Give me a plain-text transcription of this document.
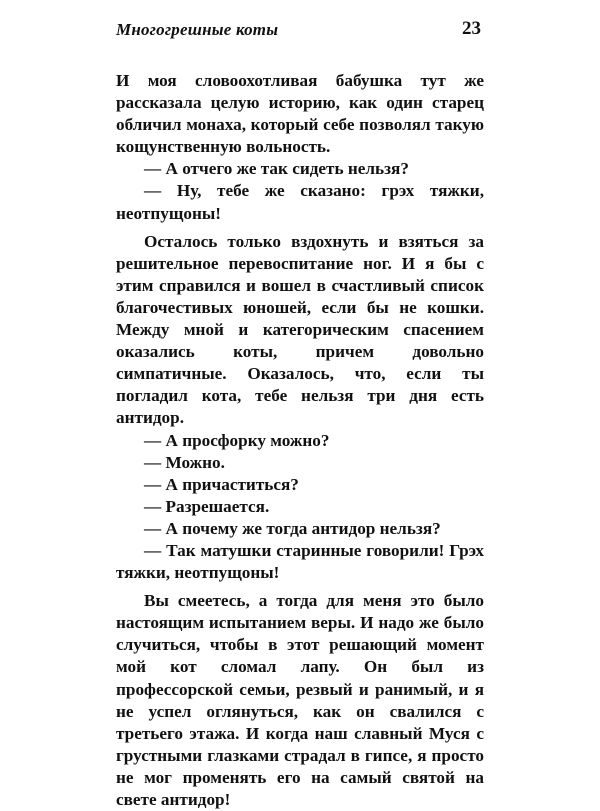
Многогрешные коты	23

И моя словоохотливая бабушка тут же рассказала целую историю, как один старец обличил монаха, который себе позволял такую кощунственную вольность.

— А отчего же так сидеть нельзя?

— Ну, тебе же сказано: грэх тяжки, неотпущоны!

Осталось только вздохнуть и взяться за решительное перевоспитание ног. И я бы с этим справился и вошел в счастливый список благочестивых юношей, если бы не кошки. Между мной и категорическим спасением оказались коты, причем довольно симпатичные. Оказалось, что, если ты погладил кота, тебе нельзя три дня есть антидор.

— А просфорку можно?

— Можно.

— А причаститься?

— Разрешается.

— А почему же тогда антидор нельзя?

— Так матушки старинные говорили! Грэх тяжки, неотпущоны!

Вы смеетесь, а тогда для меня это было настоящим испытанием веры. И надо же было случиться, чтобы в этот решающий момент мой кот сломал лапу. Он был из профессорской семьи, резвый и ранимый, и я не успел оглянуться, как он свалился с третьего этажа. И когда наш славный Муся с грустными глазками страдал в гипсе, я просто не мог променять его на самый святой на свете антидор!
